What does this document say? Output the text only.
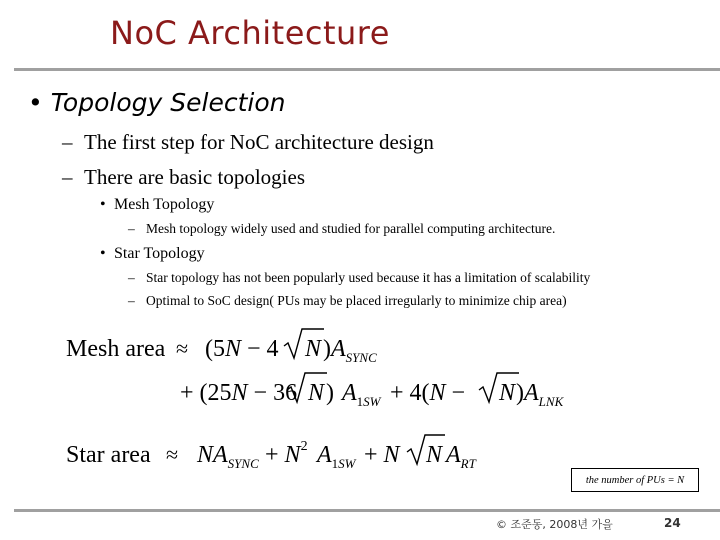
NoC Architecture
• Topology Selection
– The first step for NoC architecture design
– There are basic topologies
• Mesh Topology
– Mesh topology widely used and studied for parallel computing architecture.
• Star Topology
– Star topology has not been popularly used because it has a limitation of scalability
– Optimal to SoC design( PUs may be placed irregularly to minimize chip area)
Mesh area ≈ (5N − 4 N ) $A_{SYNC}$
+ (25N − 36 N ) $A_1SW + 4(N - N$ ) $A_{LNK}$
Star area ≈ $NA_{SYNC} + N^2$ $A_1SW + N$ N $A_{RT}$
the number of PUs = N
© 조준동, 2008년 가을	24
